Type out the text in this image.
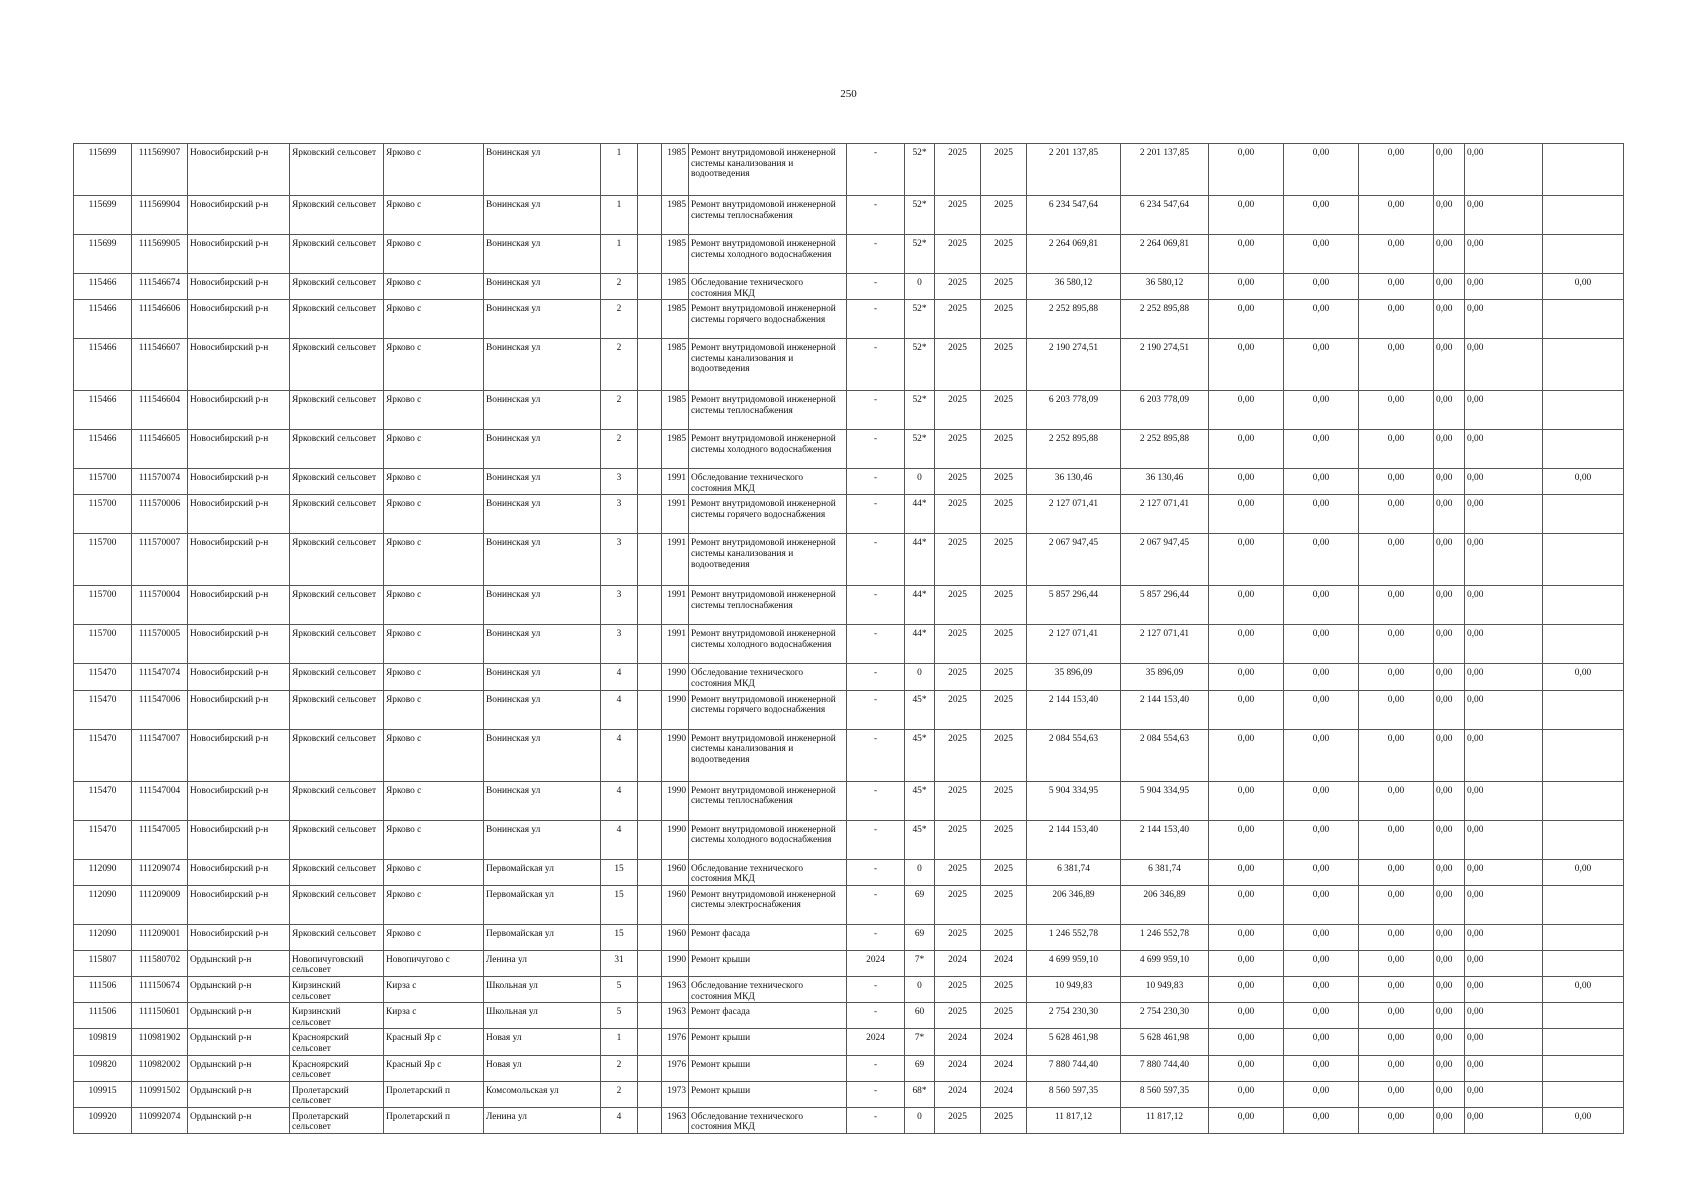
250
115699	111569907	Новосибирский р-н	Ярковский сельсовет	Ярково с	Вонинская ул	1		1985	Ремонт внутридомовой инженерной системы канализования и водоотведения	-	52*	2025	2025	2 201 137,85	2 201 137,85	0,00	0,00	0,00	0,00	0,00	
115699	111569904	Новосибирский р-н	Ярковский сельсовет	Ярково с	Вонинская ул	1		1985	Ремонт внутридомовой инженерной системы теплоснабжения	-	52*	2025	2025	6 234 547,64	6 234 547,64	0,00	0,00	0,00	0,00	0,00	
115699	111569905	Новосибирский р-н	Ярковский сельсовет	Ярково с	Вонинская ул	1		1985	Ремонт внутридомовой инженерной системы холодного водоснабжения	-	52*	2025	2025	2 264 069,81	2 264 069,81	0,00	0,00	0,00	0,00	0,00	
115466	111546674	Новосибирский р-н	Ярковский сельсовет	Ярково с	Вонинская ул	2		1985	Обследование технического состояния МКД	-	0	2025	2025	36 580,12	36 580,12	0,00	0,00	0,00	0,00	0,00	0,00
115466	111546606	Новосибирский р-н	Ярковский сельсовет	Ярково с	Вонинская ул	2		1985	Ремонт внутридомовой инженерной системы горячего водоснабжения	-	52*	2025	2025	2 252 895,88	2 252 895,88	0,00	0,00	0,00	0,00	0,00	
115466	111546607	Новосибирский р-н	Ярковский сельсовет	Ярково с	Вонинская ул	2		1985	Ремонт внутридомовой инженерной системы канализования и водоотведения	-	52*	2025	2025	2 190 274,51	2 190 274,51	0,00	0,00	0,00	0,00	0,00	
115466	111546604	Новосибирский р-н	Ярковский сельсовет	Ярково с	Вонинская ул	2		1985	Ремонт внутридомовой инженерной системы теплоснабжения	-	52*	2025	2025	6 203 778,09	6 203 778,09	0,00	0,00	0,00	0,00	0,00	
115466	111546605	Новосибирский р-н	Ярковский сельсовет	Ярково с	Вонинская ул	2		1985	Ремонт внутридомовой инженерной системы холодного водоснабжения	-	52*	2025	2025	2 252 895,88	2 252 895,88	0,00	0,00	0,00	0,00	0,00	
115700	111570074	Новосибирский р-н	Ярковский сельсовет	Ярково с	Вонинская ул	3		1991	Обследование технического состояния МКД	-	0	2025	2025	36 130,46	36 130,46	0,00	0,00	0,00	0,00	0,00	0,00
115700	111570006	Новосибирский р-н	Ярковский сельсовет	Ярково с	Вонинская ул	3		1991	Ремонт внутридомовой инженерной системы горячего водоснабжения	-	44*	2025	2025	2 127 071,41	2 127 071,41	0,00	0,00	0,00	0,00	0,00	
115700	111570007	Новосибирский р-н	Ярковский сельсовет	Ярково с	Вонинская ул	3		1991	Ремонт внутридомовой инженерной системы канализования и водоотведения	-	44*	2025	2025	2 067 947,45	2 067 947,45	0,00	0,00	0,00	0,00	0,00	
115700	111570004	Новосибирский р-н	Ярковский сельсовет	Ярково с	Вонинская ул	3		1991	Ремонт внутридомовой инженерной системы теплоснабжения	-	44*	2025	2025	5 857 296,44	5 857 296,44	0,00	0,00	0,00	0,00	0,00	
115700	111570005	Новосибирский р-н	Ярковский сельсовет	Ярково с	Вонинская ул	3		1991	Ремонт внутридомовой инженерной системы холодного водоснабжения	-	44*	2025	2025	2 127 071,41	2 127 071,41	0,00	0,00	0,00	0,00	0,00	
115470	111547074	Новосибирский р-н	Ярковский сельсовет	Ярково с	Вонинская ул	4		1990	Обследование технического состояния МКД	-	0	2025	2025	35 896,09	35 896,09	0,00	0,00	0,00	0,00	0,00	0,00
115470	111547006	Новосибирский р-н	Ярковский сельсовет	Ярково с	Вонинская ул	4		1990	Ремонт внутридомовой инженерной системы горячего водоснабжения	-	45*	2025	2025	2 144 153,40	2 144 153,40	0,00	0,00	0,00	0,00	0,00	
115470	111547007	Новосибирский р-н	Ярковский сельсовет	Ярково с	Вонинская ул	4		1990	Ремонт внутридомовой инженерной системы канализования и водоотведения	-	45*	2025	2025	2 084 554,63	2 084 554,63	0,00	0,00	0,00	0,00	0,00	
115470	111547004	Новосибирский р-н	Ярковский сельсовет	Ярково с	Вонинская ул	4		1990	Ремонт внутридомовой инженерной системы теплоснабжения	-	45*	2025	2025	5 904 334,95	5 904 334,95	0,00	0,00	0,00	0,00	0,00	
115470	111547005	Новосибирский р-н	Ярковский сельсовет	Ярково с	Вонинская ул	4		1990	Ремонт внутридомовой инженерной системы холодного водоснабжения	-	45*	2025	2025	2 144 153,40	2 144 153,40	0,00	0,00	0,00	0,00	0,00	
112090	111209074	Новосибирский р-н	Ярковский сельсовет	Ярково с	Первомайская ул	15		1960	Обследование технического состояния МКД	-	0	2025	2025	6 381,74	6 381,74	0,00	0,00	0,00	0,00	0,00	0,00
112090	111209009	Новосибирский р-н	Ярковский сельсовет	Ярково с	Первомайская ул	15		1960	Ремонт внутридомовой инженерной системы электроснабжения	-	69	2025	2025	206 346,89	206 346,89	0,00	0,00	0,00	0,00	0,00	
112090	111209001	Новосибирский р-н	Ярковский сельсовет	Ярково с	Первомайская ул	15		1960	Ремонт фасада	-	69	2025	2025	1 246 552,78	1 246 552,78	0,00	0,00	0,00	0,00	0,00	
115807	111580702	Ордынский р-н	Новопичуговский сельсовет	Новопичугово с	Ленина ул	31		1990	Ремонт крыши	2024	7*	2024	2024	4 699 959,10	4 699 959,10	0,00	0,00	0,00	0,00	0,00	
111506	111150674	Ордынский р-н	Кирзинский сельсовет	Кирза с	Школьная ул	5		1963	Обследование технического состояния МКД	-	0	2025	2025	10 949,83	10 949,83	0,00	0,00	0,00	0,00	0,00	0,00
111506	111150601	Ордынский р-н	Кирзинский сельсовет	Кирза с	Школьная ул	5		1963	Ремонт фасада	-	60	2025	2025	2 754 230,30	2 754 230,30	0,00	0,00	0,00	0,00	0,00	
109819	110981902	Ордынский р-н	Краснoярский сельсовет	Красный Яр с	Новая ул	1		1976	Ремонт крыши	2024	7*	2024	2024	5 628 461,98	5 628 461,98	0,00	0,00	0,00	0,00	0,00	
109820	110982002	Ордынский р-н	Краснoярский сельсовет	Красный Яр с	Новая ул	2		1976	Ремонт крыши	-	69	2024	2024	7 880 744,40	7 880 744,40	0,00	0,00	0,00	0,00	0,00	
109915	110991502	Ордынский р-н	Пролетарский сельсовет	Пролетарский п	Комсомольская ул	2		1973	Ремонт крыши	-	68*	2024	2024	8 560 597,35	8 560 597,35	0,00	0,00	0,00	0,00	0,00	
109920	110992074	Ордынский р-н	Пролетарский сельсовет	Пролетарский п	Ленина ул	4		1963	Обследование технического состояния МКД	-	0	2025	2025	11 817,12	11 817,12	0,00	0,00	0,00	0,00	0,00	0,00
